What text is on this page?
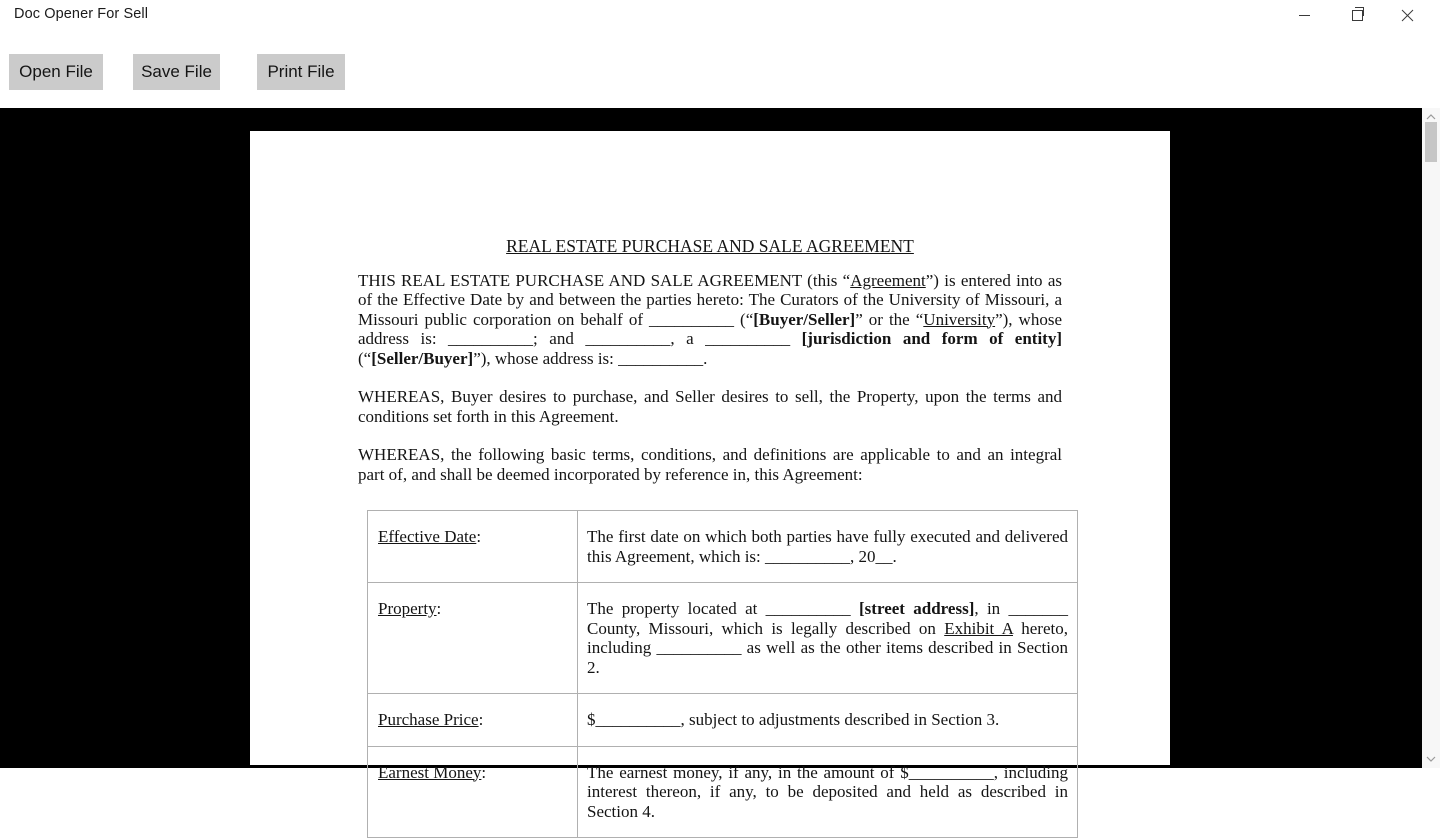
Doc Opener For Sell
Open File	Save File	Print File
REAL ESTATE PURCHASE AND SALE AGREEMENT

THIS REAL ESTATE PURCHASE AND SALE AGREEMENT (this “Agreement”) is entered into as of the Effective Date by and between the parties hereto: The Curators of the University of Missouri, a Missouri public corporation on behalf of __________ (“[Buyer/Seller]” or the “University”), whose address is: __________; and __________, a __________ [jurisdiction and form of entity] (“[Seller/Buyer]”), whose address is: __________.

WHEREAS, Buyer desires to purchase, and Seller desires to sell, the Property, upon the terms and conditions set forth in this Agreement.

WHEREAS, the following basic terms, conditions, and definitions are applicable to and an integral part of, and shall be deemed incorporated by reference in, this Agreement:

Effective Date:	The first date on which both parties have fully executed and delivered this Agreement, which is: __________, 20__.
Property:	The property located at __________ [street address], in _______ County, Missouri, which is legally described on Exhibit A hereto, including __________ as well as the other items described in Section 2.
Purchase Price:	$__________, subject to adjustments described in Section 3.
Earnest Money:	The earnest money, if any, in the amount of $__________, including interest thereon, if any, to be deposited and held as described in Section 4.
